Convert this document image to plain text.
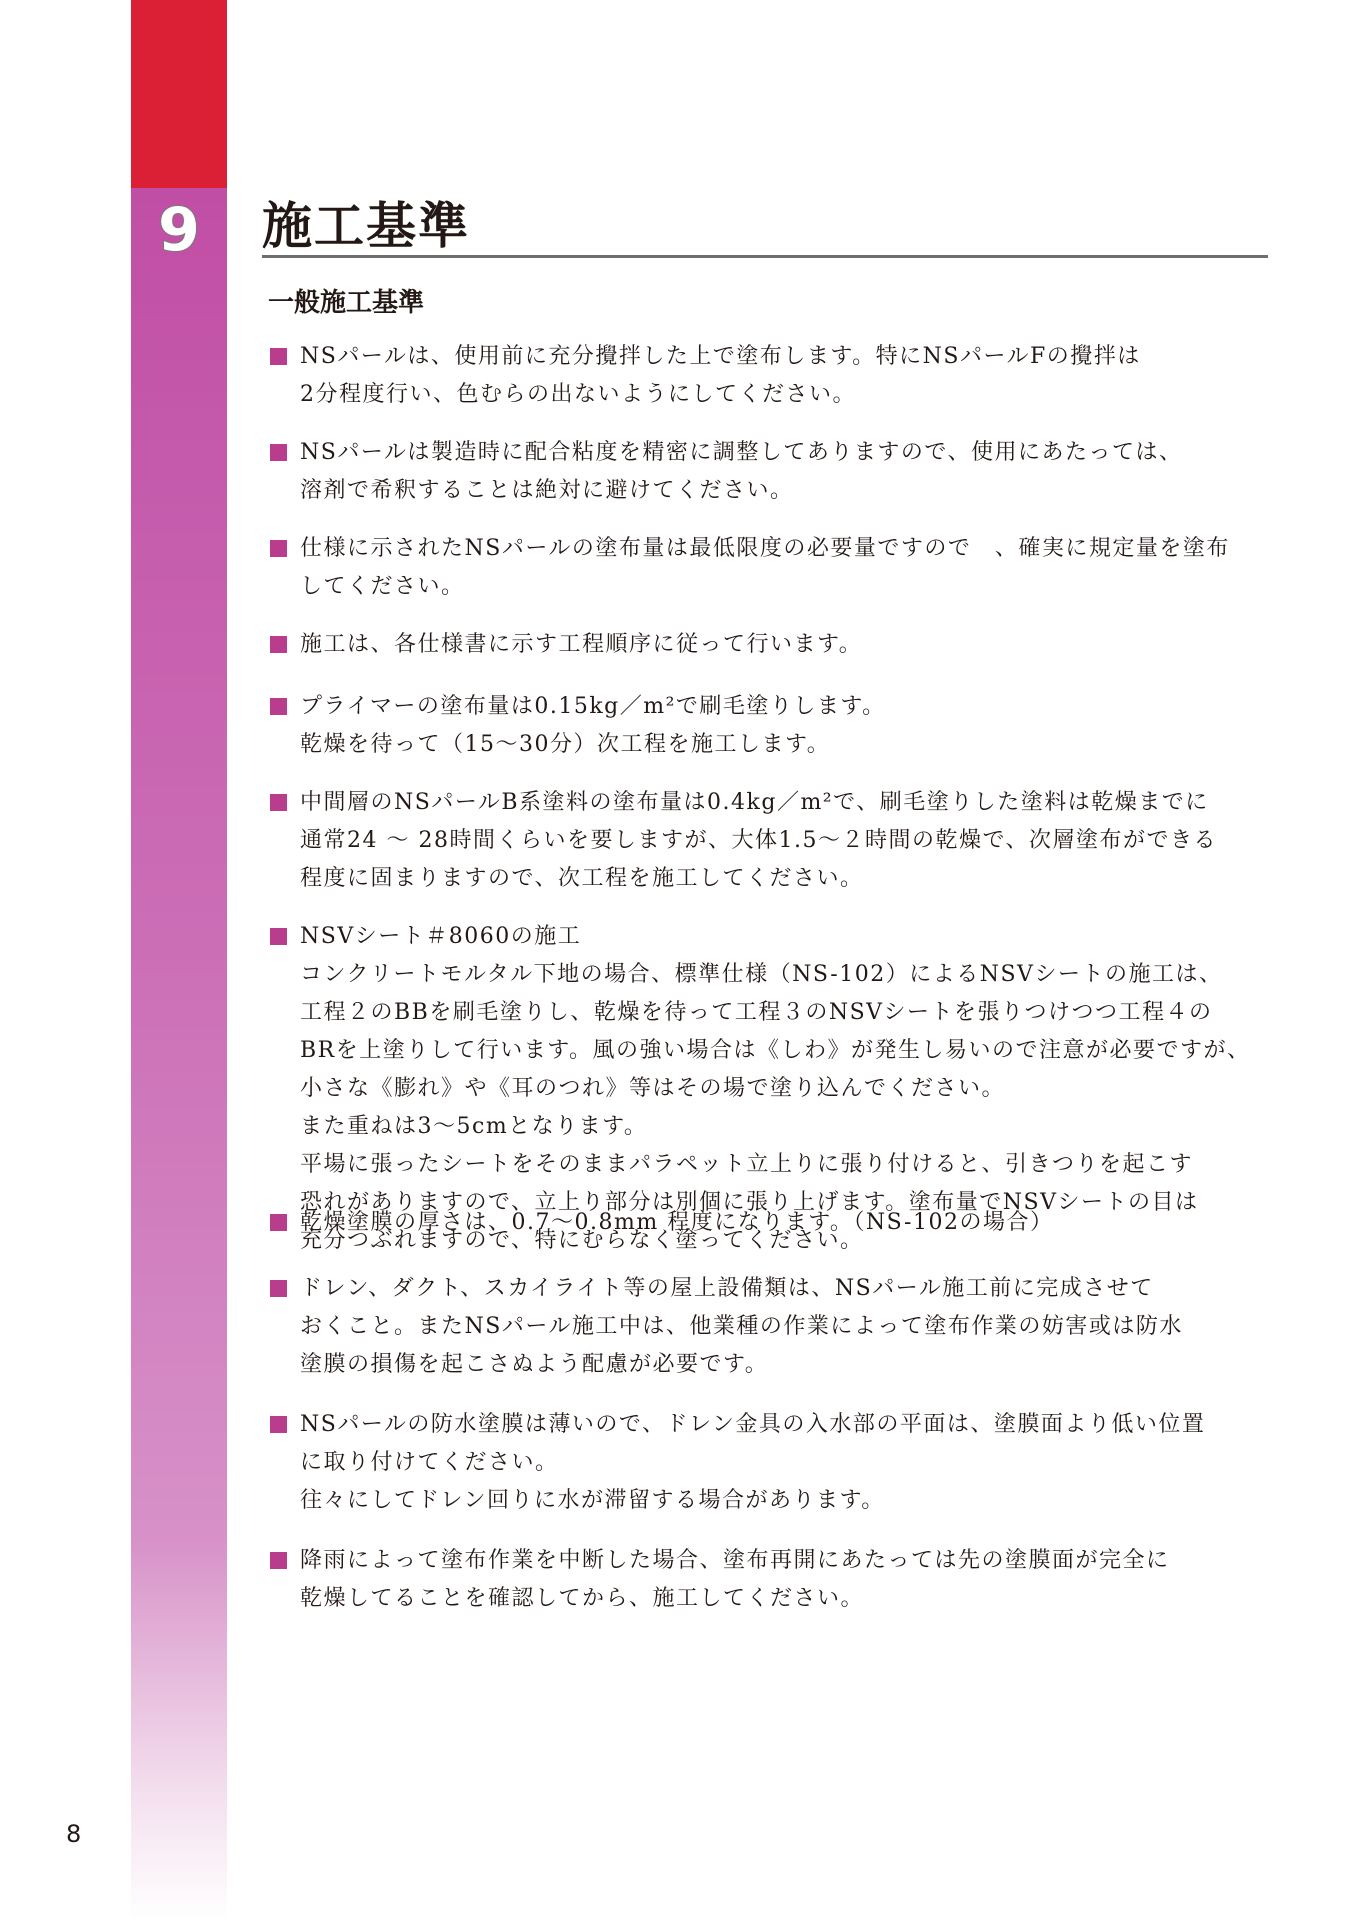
9	施工基準
一般施工基準
NSパールは、使用前に充分攪拌した上で塗布します。特にNSパールFの攪拌は
2分程度行い、色むらの出ないようにしてください。
NSパールは製造時に配合粘度を精密に調整してありますので、使用にあたっては、
溶剤で希釈することは絶対に避けてください。
仕様に示されたNSパールの塗布量は最低限度の必要量ですので　、確実に規定量を塗布
してください。
施工は、各仕様書に示す工程順序に従って行います。
プライマーの塗布量は0.15kg／m²で刷毛塗りします。
乾燥を待って（15〜30分）次工程を施工します。
中間層のNSパールB系塗料の塗布量は0.4kg／m²で、刷毛塗りした塗料は乾燥までに
通常24 〜 28時間くらいを要しますが、大体1.5〜２時間の乾燥で、次層塗布ができる
程度に固まりますので、次工程を施工してください。
NSVシート＃8060の施工
コンクリートモルタル下地の場合、標準仕様（NS-102）によるNSVシートの施工は、
工程２のBBを刷毛塗りし、乾燥を待って工程３のNSVシートを張りつけつつ工程４の
BRを上塗りして行います。風の強い場合は《しわ》が発生し易いので注意が必要ですが、
小さな《膨れ》や《耳のつれ》等はその場で塗り込んでください。
また重ねは3〜5cmとなります。
平場に張ったシートをそのままパラペット立上りに張り付けると、引きつりを起こす
恐れがありますので、立上り部分は別個に張り上げます。塗布量でNSVシートの目は
充分つぶれますので、特にむらなく塗ってください。
乾燥塗膜の厚さは、0.7〜0.8mm 程度になります。（NS-102の場合）
ドレン、ダクト、スカイライト等の屋上設備類は、NSパール施工前に完成させて
おくこと。またNSパール施工中は、他業種の作業によって塗布作業の妨害或は防水
塗膜の損傷を起こさぬよう配慮が必要です。
NSパールの防水塗膜は薄いので、ドレン金具の入水部の平面は、塗膜面より低い位置
に取り付けてください。
往々にしてドレン回りに水が滞留する場合があります。
降雨によって塗布作業を中断した場合、塗布再開にあたっては先の塗膜面が完全に
乾燥してることを確認してから、施工してください。
8
